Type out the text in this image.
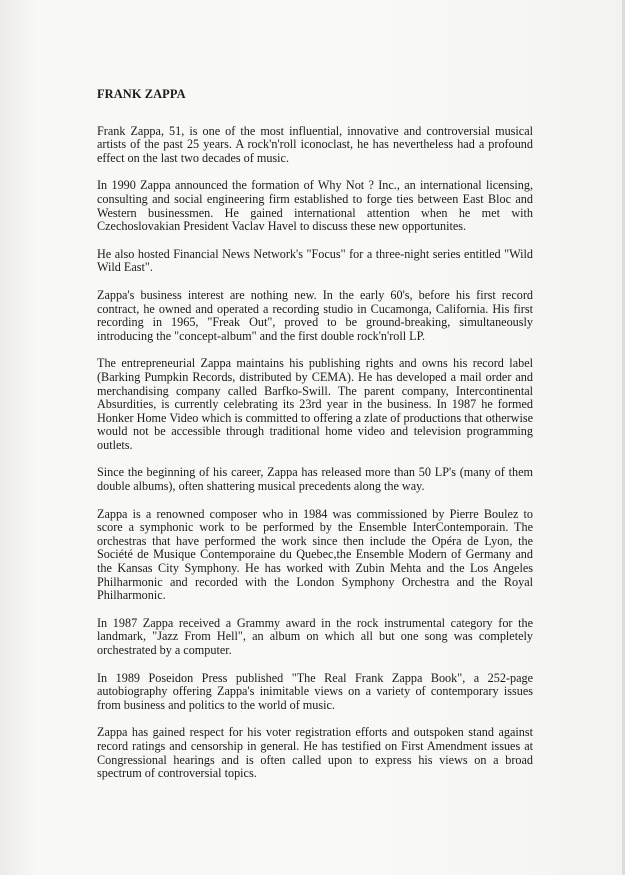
FRANK ZAPPA

Frank Zappa, 51, is one of the most influential, innovative and controversial musical artists of the past 25 years. A rock'n'roll iconoclast, he has nevertheless had a profound effect on the last two decades of music.

In 1990 Zappa announced the formation of Why Not ? Inc., an international licensing, consulting and social engineering firm established to forge ties between East Bloc and Western businessmen. He gained international attention when he met with Czechoslovakian President Vaclav Havel to discuss these new opportunites.

He also hosted Financial News Network's "Focus" for a three-night series entitled "Wild Wild East".

Zappa's business interest are nothing new. In the early 60's, before his first record contract, he owned and operated a recording studio in Cucamonga, California. His first recording in 1965, "Freak Out", proved to be ground-breaking, simultaneously introducing the "concept-album" and the first double rock'n'roll LP.

The entrepreneurial Zappa maintains his publishing rights and owns his record label (Barking Pumpkin Records, distributed by CEMA). He has developed a mail order and merchandising company called Barfko-Swill. The parent company, Intercontinental Absurdities, is currently celebrating its 23rd year in the business. In 1987 he formed Honker Home Video which is committed to offering a zlate of productions that otherwise would not be accessible through traditional home video and television programming outlets.

Since the beginning of his career, Zappa has released more than 50 LP's (many of them double albums), often shattering musical precedents along the way.

Zappa is a renowned composer who in 1984 was commissioned by Pierre Boulez to score a symphonic work to be performed by the Ensemble InterContemporain. The orchestras that have performed the work since then include the Opéra de Lyon, the Société de Musique Contemporaine du Quebec,the Ensemble Modern of Germany and the Kansas City Symphony. He has worked with Zubin Mehta and the Los Angeles Philharmonic and recorded with the London Symphony Orchestra and the Royal Philharmonic.

In 1987 Zappa received a Grammy award in the rock instrumental category for the landmark, "Jazz From Hell", an album on which all but one song was completely orchestrated by a computer.

In 1989 Poseidon Press published "The Real Frank Zappa Book", a 252-page autobiography offering Zappa's inimitable views on a variety of contemporary issues from business and politics to the world of music.

Zappa has gained respect for his voter registration efforts and outspoken stand against record ratings and censorship in general. He has testified on First Amendment issues at Congressional hearings and is often called upon to express his views on a broad spectrum of controversial topics.
